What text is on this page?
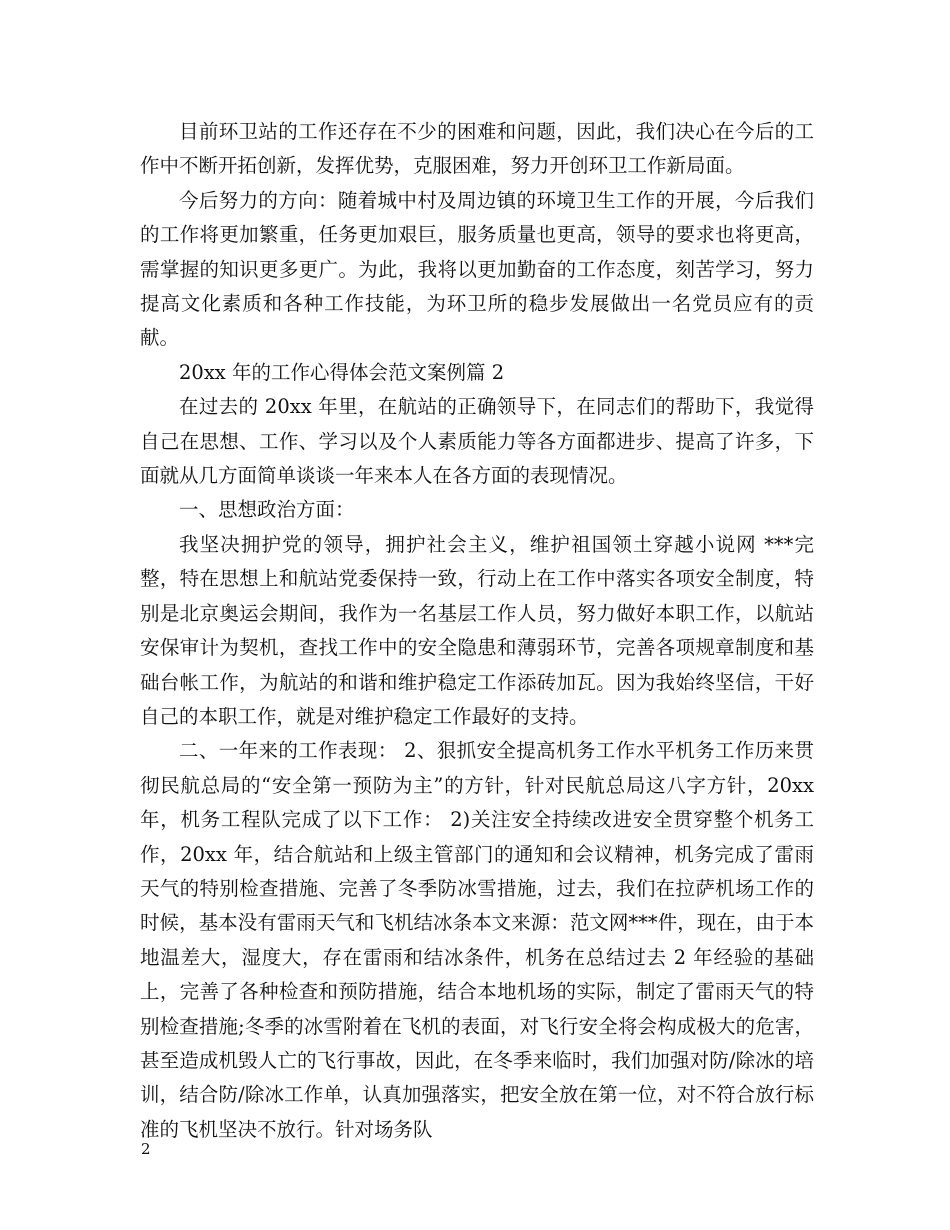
目前环卫站的工作还存在不少的困难和问题，因此，我们决心在今后的工作中不断开拓创新，发挥优势，克服困难，努力开创环卫工作新局面。

今后努力的方向：随着城中村及周边镇的环境卫生工作的开展，今后我们的工作将更加繁重，任务更加艰巨，服务质量也更高，领导的要求也将更高，需掌握的知识更多更广。为此，我将以更加勤奋的工作态度，刻苦学习，努力提高文化素质和各种工作技能，为环卫所的稳步发展做出一名党员应有的贡献。

20xx 年的工作心得体会范文案例篇 2

在过去的 20xx 年里，在航站的正确领导下，在同志们的帮助下，我觉得自己在思想、工作、学习以及个人素质能力等各方面都进步、提高了许多，下面就从几方面简单谈谈一年来本人在各方面的表现情况。

一、思想政治方面：

我坚决拥护党的领导，拥护社会主义，维护祖国领土穿越小说网 ***完整，特在思想上和航站党委保持一致，行动上在工作中落实各项安全制度，特别是北京奥运会期间，我作为一名基层工作人员，努力做好本职工作，以航站安保审计为契机，查找工作中的安全隐患和薄弱环节，完善各项规章制度和基础台帐工作，为航站的和谐和维护稳定工作添砖加瓦。因为我始终坚信，干好自己的本职工作，就是对维护稳定工作最好的支持。

二、一年来的工作表现： 2、狠抓安全提高机务工作水平机务工作历来贯彻民航总局的“安全第一预防为主”的方针，针对民航总局这八字方针，20xx 年，机务工程队完成了以下工作： 2)关注安全持续改进安全贯穿整个机务工作，20xx 年，结合航站和上级主管部门的通知和会议精神，机务完成了雷雨天气的特别检查措施、完善了冬季防冰雪措施，过去，我们在拉萨机场工作的时候，基本没有雷雨天气和飞机结冰条本文来源：范文网***件，现在，由于本地温差大，湿度大，存在雷雨和结冰条件，机务在总结过去 2 年经验的基础上，完善了各种检查和预防措施，结合本地机场的实际，制定了雷雨天气的特别检查措施;冬季的冰雪附着在飞机的表面，对飞行安全将会构成极大的危害，甚至造成机毁人亡的飞行事故，因此，在冬季来临时，我们加强对防/除冰的培训，结合防/除冰工作单，认真加强落实，把安全放在第一位，对不符合放行标准的飞机坚决不放行。针对场务队

2
